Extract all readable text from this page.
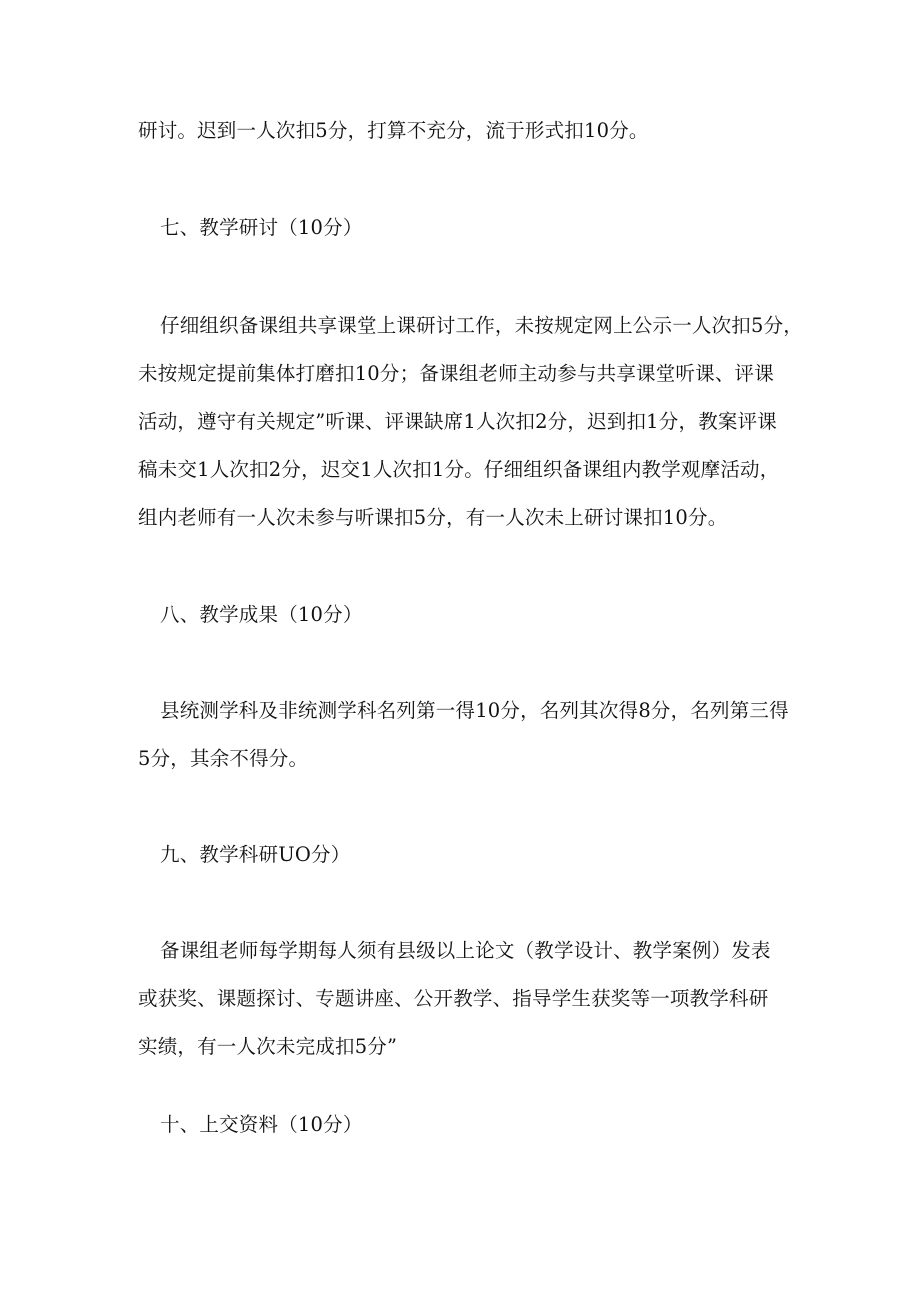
研讨。迟到一人次扣5分，打算不充分，流于形式扣10分。
七、教学研讨（10分）
仔细组织备课组共享课堂上课研讨工作，未按规定网上公示一人次扣5分，
未按规定提前集体打磨扣10分；备课组老师主动参与共享课堂听课、评课
活动，遵守有关规定”听课、评课缺席1人次扣2分，迟到扣1分，教案评课
稿未交1人次扣2分，迟交1人次扣1分。仔细组织备课组内教学观摩活动，
组内老师有一人次未参与听课扣5分，有一人次未上研讨课扣10分。
八、教学成果（10分）
县统测学科及非统测学科名列第一得10分，名列其次得8分，名列第三得
5分，其余不得分。
九、教学科研UO分）
备课组老师每学期每人须有县级以上论文（教学设计、教学案例）发表
或获奖、课题探讨、专题讲座、公开教学、指导学生获奖等一项教学科研
实绩，有一人次未完成扣5分”
十、上交资料（10分）
